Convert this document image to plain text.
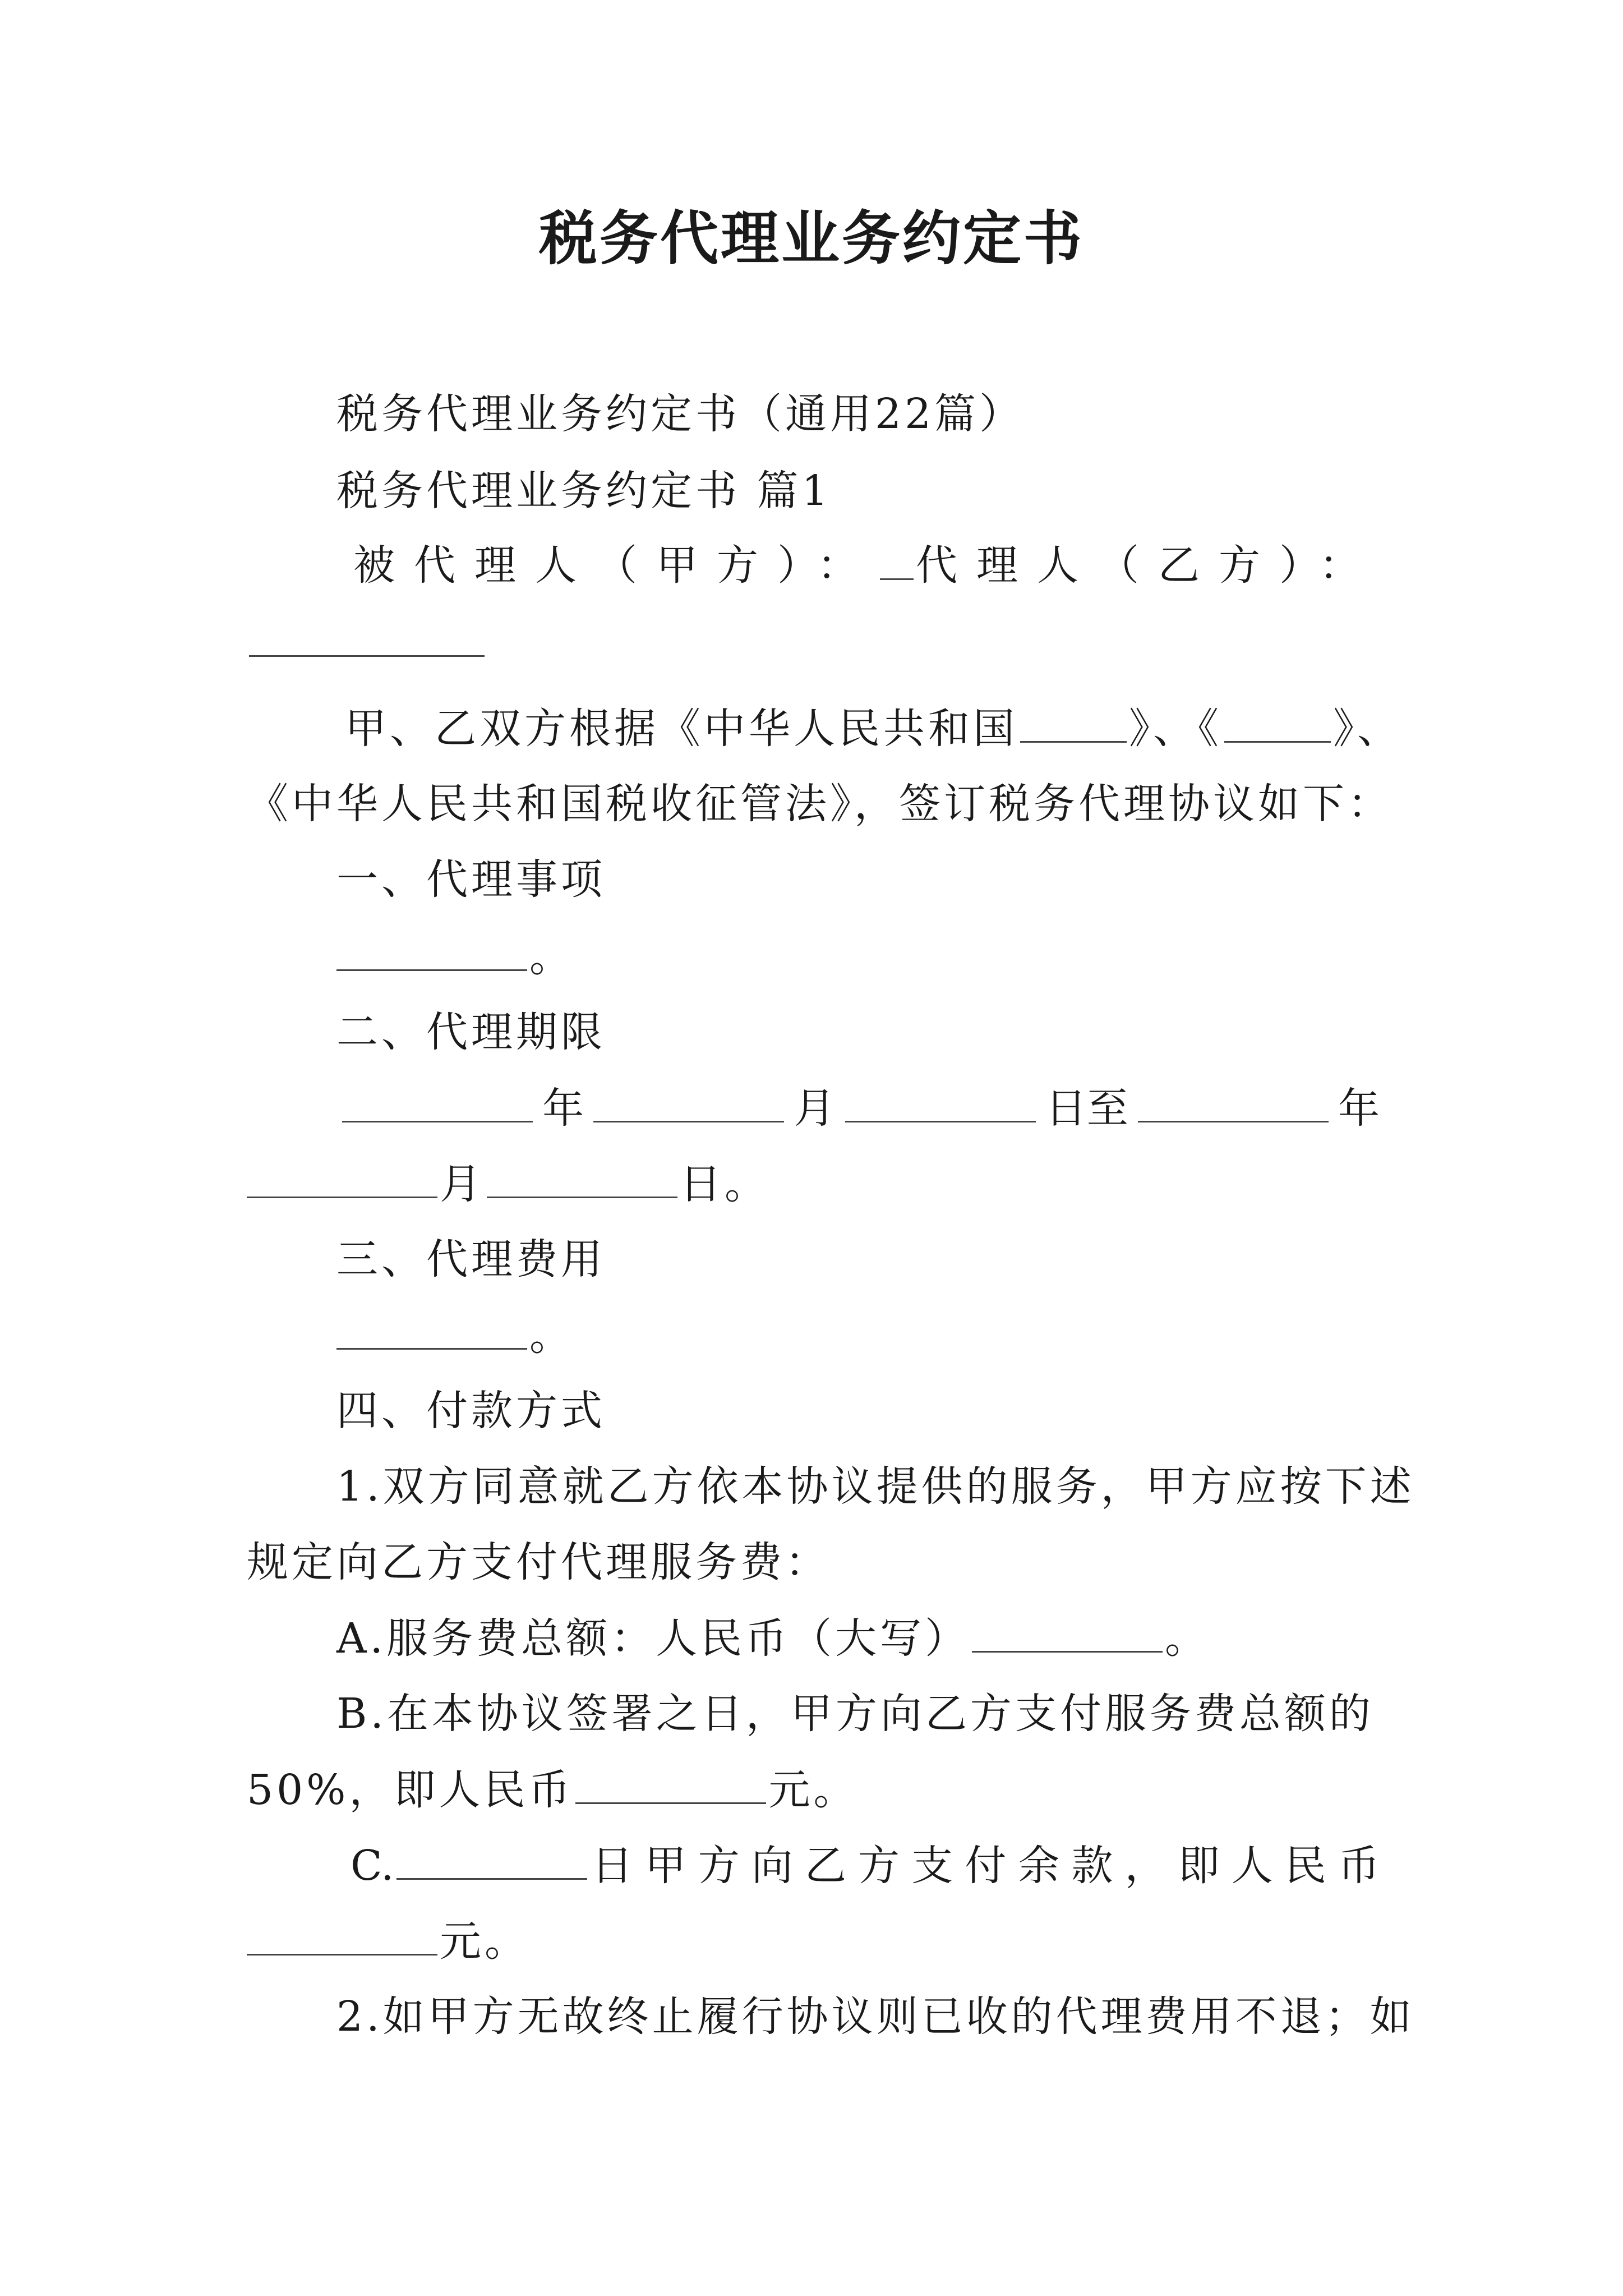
税务代理业务约定书
税务代理业务约定书（通用22篇）
税务代理业务约定书 篇1
被代理人（甲方）： 代理人（乙方）：
甲、乙双方根据《中华人民共和国	》、《	》、
《中华人民共和国税收征管法》，签订税务代理协议如下：
一、代理事项
。
二、代理期限
年	月	日至	年
月	日。
三、代理费用
。
四、付款方式
1.双方同意就乙方依本协议提供的服务，甲方应按下述
规定向乙方支付代理服务费：
A.服务费总额：人民币（大写）	。
B.在本协议签署之日，甲方向乙方支付服务费总额的
50%，即人民币	元。
C.	日甲方向乙方支付余款，即人民币
元。
2.如甲方无故终止履行协议则已收的代理费用不退；如
